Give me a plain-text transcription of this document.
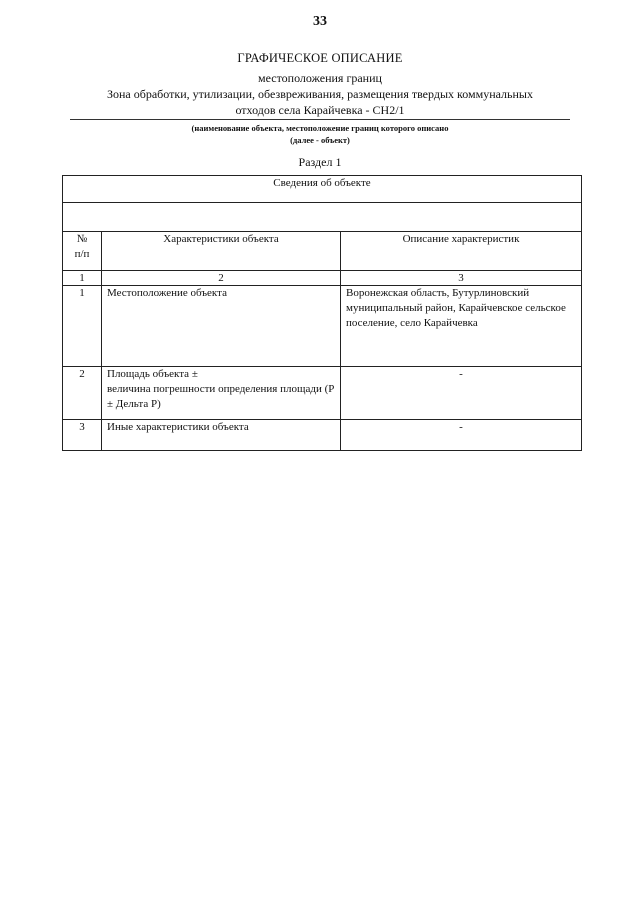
33
ГРАФИЧЕСКОЕ ОПИСАНИЕ
местоположения границ
Зона обработки, утилизации, обезвреживания, размещения твердых коммунальных
отходов села Карайчевка - СН2/1
(наименование объекта, местоположение границ которого описано
(далее - объект)
Раздел 1
Сведения об объекте		

№
п/п	Характеристики объекта	Описание характеристик
1	2	3
1	Местоположение объекта	Воронежская область, Бутурлиновский муниципальный район, Карайчевское сельское поселение, село Карайчевка
2	Площадь объекта ±
величина погрешности определения площади (P ± Дельта P)	-
3	Иные характеристики объекта	-
